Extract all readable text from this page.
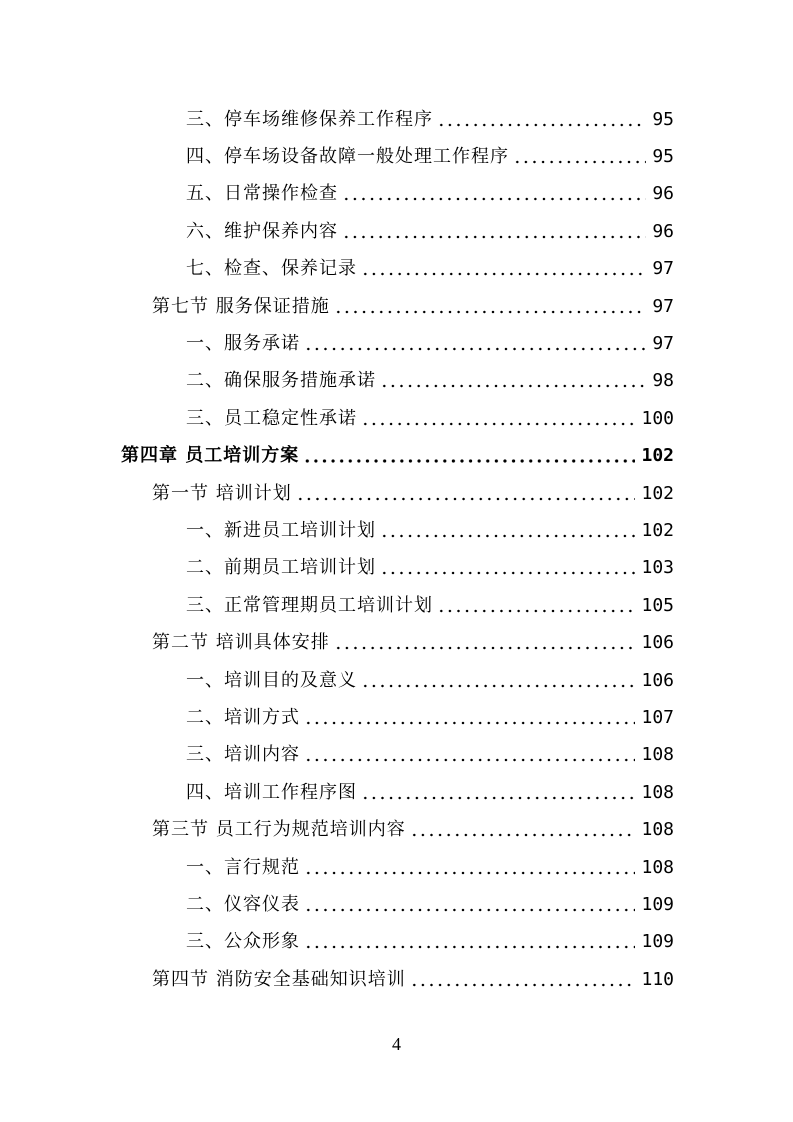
三、停车场维修保养工作程序	95
四、停车场设备故障一般处理工作程序	95
五、日常操作检查	96
六、维护保养内容	96
七、检查、保养记录	97
第七节 服务保证措施	97
一、服务承诺	97
二、确保服务措施承诺	98
三、员工稳定性承诺	100
第四章 员工培训方案	102
第一节 培训计划	102
一、新进员工培训计划	102
二、前期员工培训计划	103
三、正常管理期员工培训计划	105
第二节 培训具体安排	106
一、培训目的及意义	106
二、培训方式	107
三、培训内容	108
四、培训工作程序图	108
第三节 员工行为规范培训内容	108
一、言行规范	108
二、仪容仪表	109
三、公众形象	109
第四节 消防安全基础知识培训	110
4
